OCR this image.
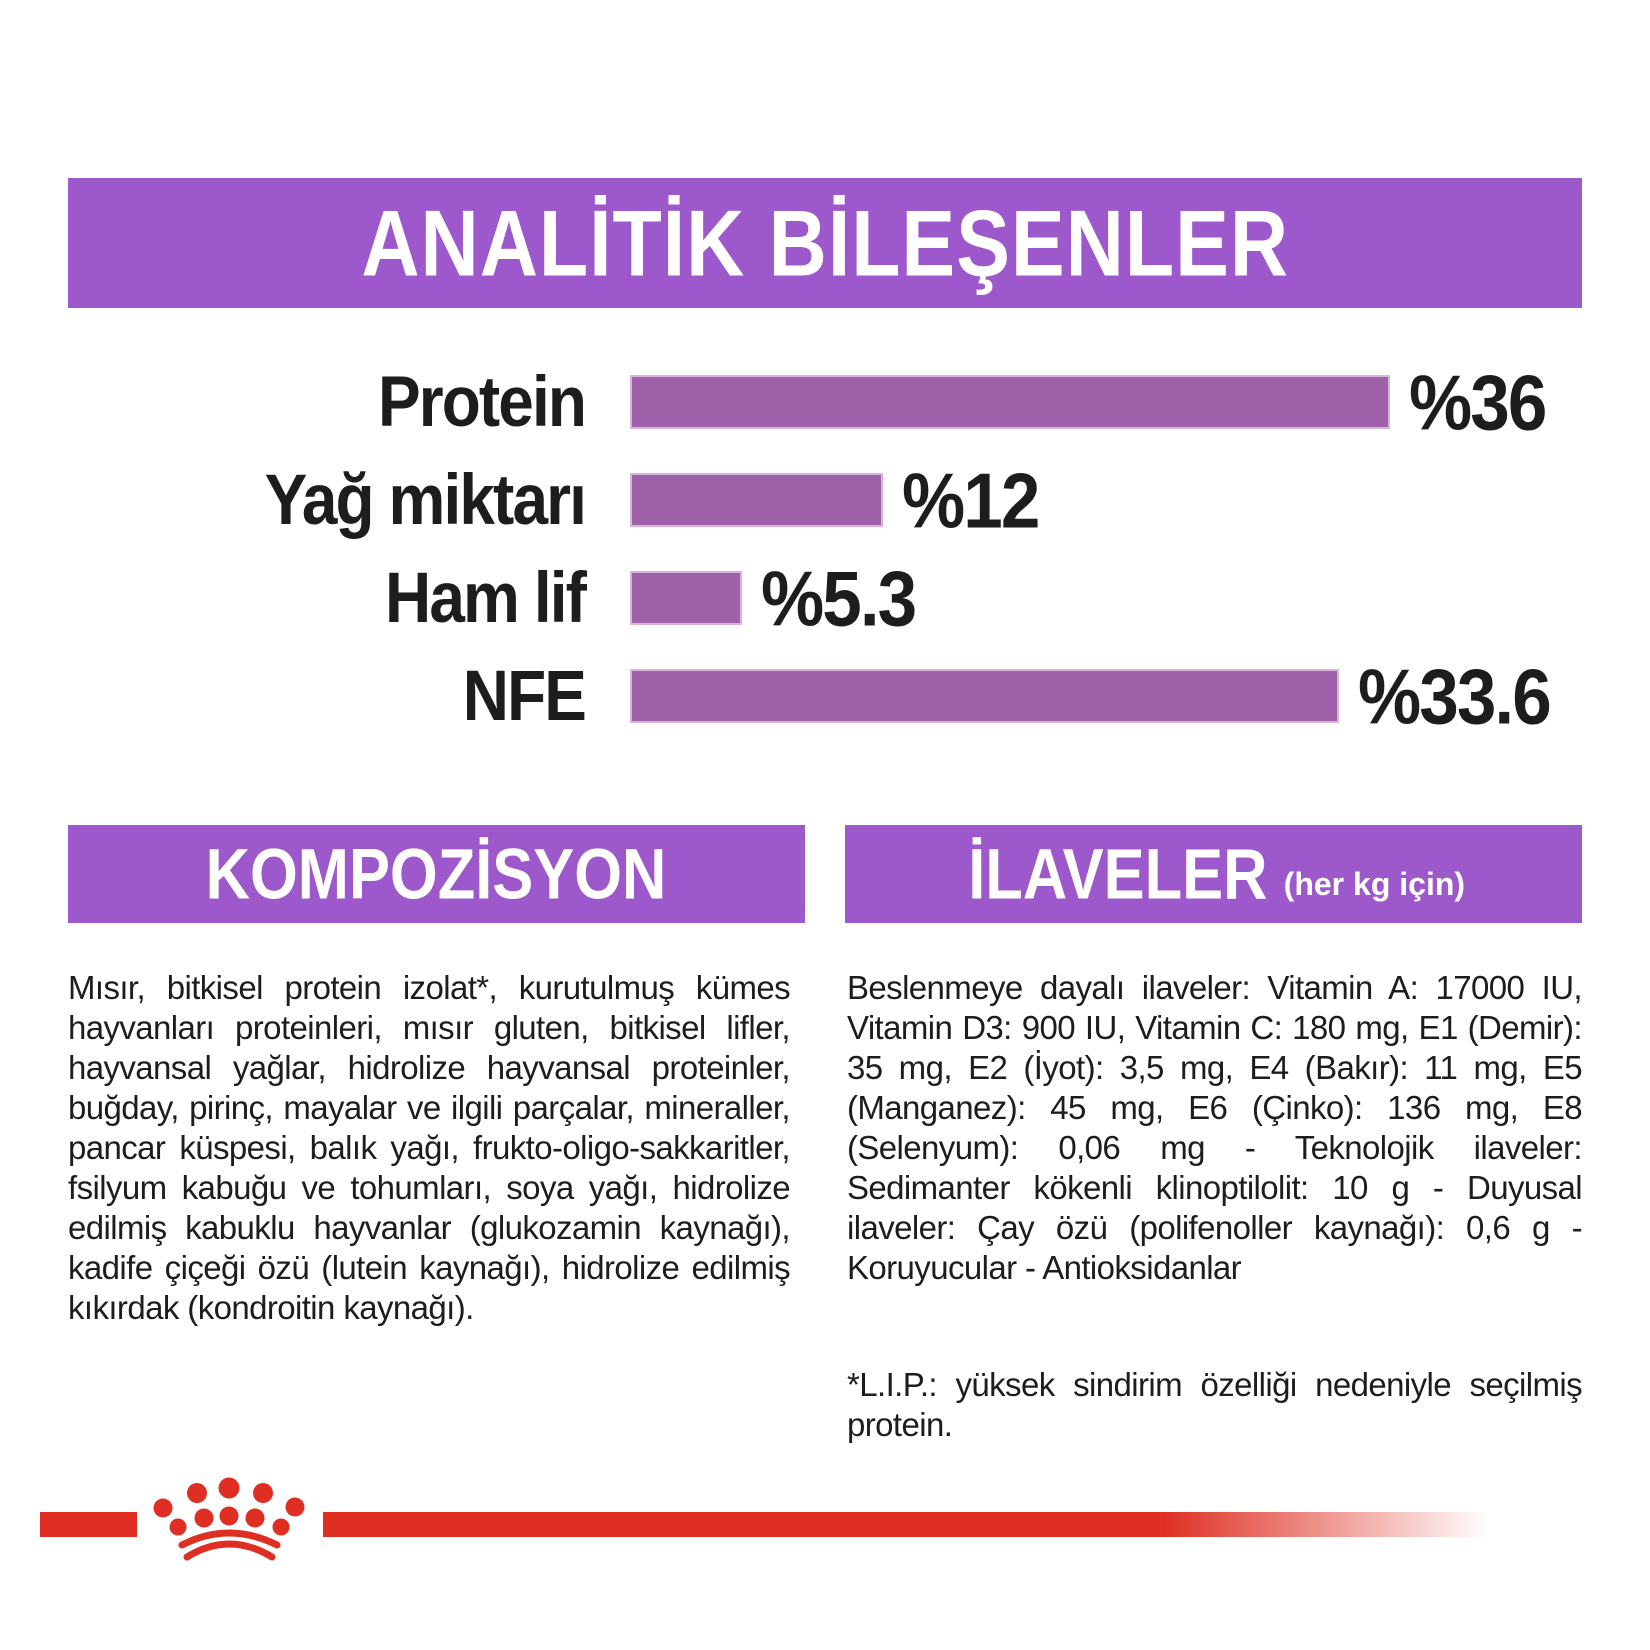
ANALİTİK BİLEŞENLER
Protein	%36
Yağ miktarı	%12
Ham lif %5.3
NFE	%33.6
KOMPOZİSYON
Mısır, bitkisel protein izolat*, kurutulmuş kümes hayvanları proteinleri, mısır gluten, bitkisel lifler, hayvansal yağlar, hidrolize hayvansal proteinler, buğday, pirinç, mayalar ve ilgili parçalar, mineraller, pancar küspesi, balık yağı, frukto-oligo-sakkaritler, fsilyum kabuğu ve tohumları, soya yağı, hidrolize edilmiş kabuklu hayvanlar (glukozamin kaynağı), kadife çiçeği özü (lutein kaynağı), hidrolize edilmiş kıkırdak (kondroitin kaynağı).
İLAVELER (her kg için)
Beslenmeye dayalı ilaveler: Vitamin A: 17000 IU, Vitamin D3: 900 IU, Vitamin C: 180 mg, E1 (Demir): 35 mg, E2 (İyot): 3,5 mg, E4 (Bakır): 11 mg, E5 (Manganez): 45 mg, E6 (Çinko): 136 mg, E8 (Selenyum): 0,06 mg - Teknolojik ilaveler: Sedimanter kökenli klinoptilolit: 10 g - Duyusal ilaveler: Çay özü (polifenoller kaynağı): 0,6 g - Koruyucular - Antioksidanlar
*L.I.P.: yüksek sindirim özelliği nedeniyle seçilmiş protein.
